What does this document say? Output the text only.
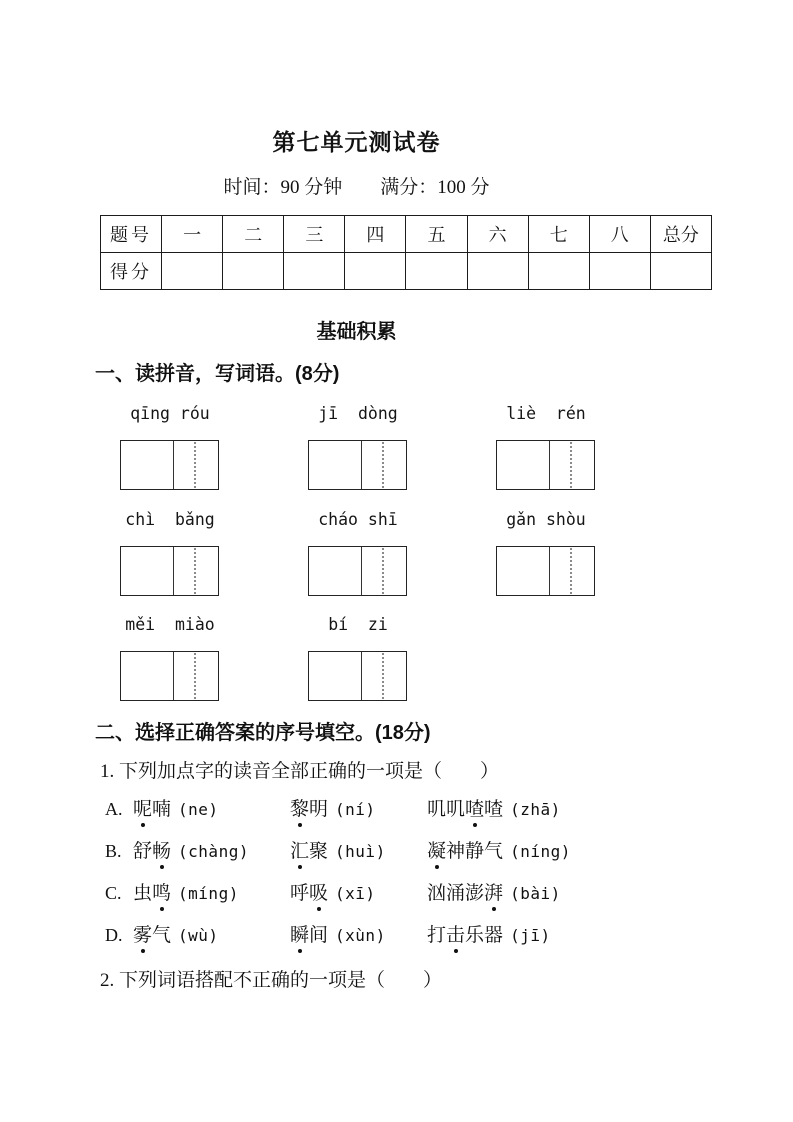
第七单元测试卷
时间：90 分钟 满分：100 分
题号	一	二	三	四	五	六	七	八	总分
得分									
基础积累
一、读拼音，写词语。(8分)
qīng róu	jī  dòng	liè  rén
chì  bǎng	cháo shī	gǎn shòu
měi  miào	bí  zi
二、选择正确答案的序号填空。(18分)
1. 下列加点字的读音全部正确的一项是（　　）
A. 呢喃 (ne)	黎明 (ní)	叽叽喳喳 (zhā)
B. 舒畅 (chàng)	汇聚 (huì)	凝神静气 (níng)
C. 虫鸣 (míng)	呼吸 (xī)	汹涌澎湃 (bài)
D. 雾气 (wù)	瞬间 (xùn)	打击乐器 (jī)
2. 下列词语搭配不正确的一项是（　　）
